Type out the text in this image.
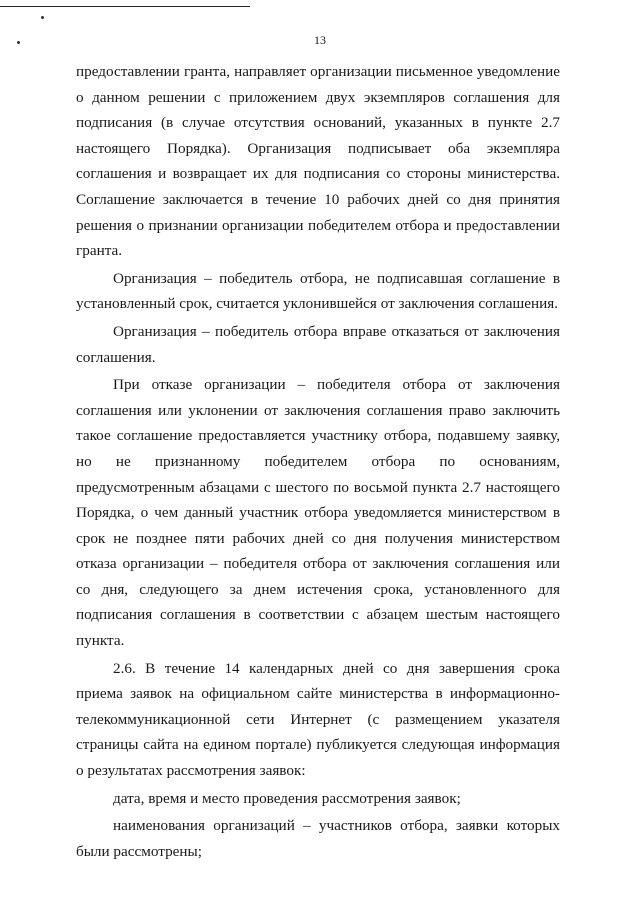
13

предоставлении гранта, направляет организации письменное уведомление о данном решении с приложением двух экземпляров соглашения для подписания (в случае отсутствия оснований, указанных в пункте 2.7 настоящего Порядка). Организация подписывает оба экземпляра соглашения и возвращает их для подписания со стороны министерства. Соглашение заключается в течение 10 рабочих дней со дня принятия решения о признании организации победителем отбора и предоставлении гранта.

Организация – победитель отбора, не подписавшая соглашение в установленный срок, считается уклонившейся от заключения соглашения.

Организация – победитель отбора вправе отказаться от заключения соглашения.

При отказе организации – победителя отбора от заключения соглашения или уклонении от заключения соглашения право заключить такое соглашение предоставляется участнику отбора, подавшему заявку, но не признанному победителем отбора по основаниям, предусмотренным абзацами с шестого по восьмой пункта 2.7 настоящего Порядка, о чем данный участник отбора уведомляется министерством в срок не позднее пяти рабочих дней со дня получения министерством отказа организации – победителя отбора от заключения соглашения или со дня, следующего за днем истечения срока, установленного для подписания соглашения в соответствии с абзацем шестым настоящего пункта.

2.6. В течение 14 календарных дней со дня завершения срока приема заявок на официальном сайте министерства в информационно-телекоммуникационной сети Интернет (с размещением указателя страницы сайта на едином портале) публикуется следующая информация о результатах рассмотрения заявок:

дата, время и место проведения рассмотрения заявок;

наименования организаций – участников отбора, заявки которых были рассмотрены;
